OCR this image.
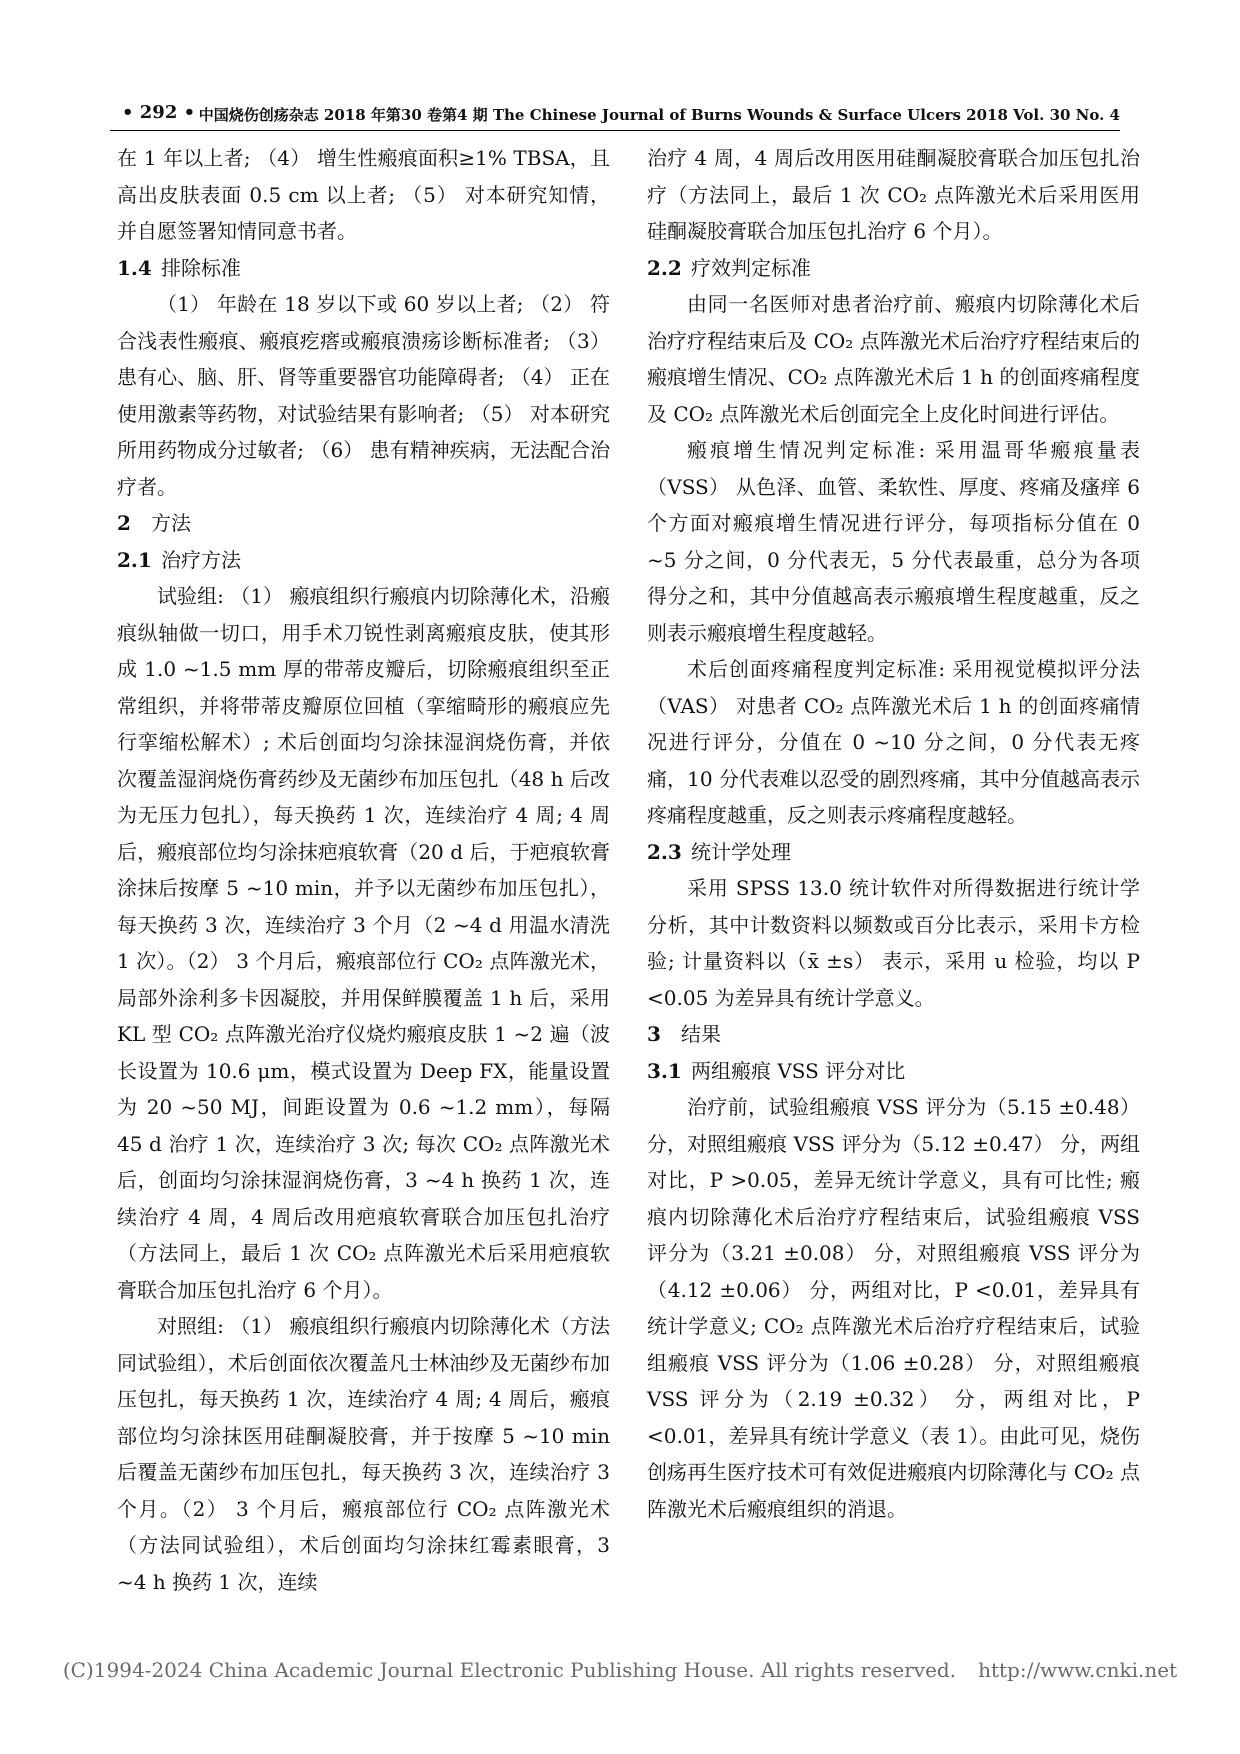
• 292 • 中国烧伤创疡杂志 2018 年第30 卷第4 期 The Chinese Journal of Burns Wounds & Surface Ulcers 2018 Vol. 30 No. 4

在 1 年以上者; （4） 增生性瘢痕面积≥1% TBSA，且高出皮肤表面 0.5 cm 以上者; （5） 对本研究知情，并自愿签署知情同意书者。

1.4 排除标准

（1） 年龄在 18 岁以下或 60 岁以上者; （2） 符合浅表性瘢痕、瘢痕疙瘩或瘢痕溃疡诊断标准者; （3） 患有心、脑、肝、肾等重要器官功能障碍者; （4） 正在使用激素等药物，对试验结果有影响者; （5） 对本研究所用药物成分过敏者; （6） 患有精神疾病，无法配合治疗者。

2 方法
2.1 治疗方法

试验组: （1） 瘢痕组织行瘢痕内切除薄化术，沿瘢痕纵轴做一切口，用手术刀锐性剥离瘢痕皮肤，使其形成 1.0 ~1.5 mm 厚的带蒂皮瓣后，切除瘢痕组织至正常组织，并将带蒂皮瓣原位回植（挛缩畸形的瘢痕应先行挛缩松解术）; 术后创面均匀涂抹湿润烧伤膏，并依次覆盖湿润烧伤膏药纱及无菌纱布加压包扎（48 h 后改为无压力包扎），每天换药 1 次，连续治疗 4 周; 4 周后，瘢痕部位均匀涂抹疤痕软膏（20 d 后，于疤痕软膏涂抹后按摩 5 ~10 min，并予以无菌纱布加压包扎），每天换药 3 次，连续治疗 3 个月（2 ~4 d 用温水清洗 1 次）。（2） 3 个月后，瘢痕部位行 CO₂ 点阵激光术，局部外涂利多卡因凝胶，并用保鲜膜覆盖 1 h 后，采用 KL 型 CO₂ 点阵激光治疗仪烧灼瘢痕皮肤 1 ~2 遍（波长设置为 10.6 μm，模式设置为 Deep FX，能量设置为 20 ~50 MJ，间距设置为 0.6 ~1.2 mm），每隔 45 d 治疗 1 次，连续治疗 3 次; 每次 CO₂ 点阵激光术后，创面均匀涂抹湿润烧伤膏，3 ~4 h 换药 1 次，连续治疗 4 周，4 周后改用疤痕软膏联合加压包扎治疗（方法同上，最后 1 次 CO₂ 点阵激光术后采用疤痕软膏联合加压包扎治疗 6 个月）。

对照组: （1） 瘢痕组织行瘢痕内切除薄化术（方法同试验组），术后创面依次覆盖凡士林油纱及无菌纱布加压包扎，每天换药 1 次，连续治疗 4 周; 4 周后，瘢痕部位均匀涂抹医用硅酮凝胶膏，并于按摩 5 ~10 min 后覆盖无菌纱布加压包扎，每天换药 3 次，连续治疗 3 个月。（2） 3 个月后，瘢痕部位行 CO₂ 点阵激光术（方法同试验组），术后创面均匀涂抹红霉素眼膏，3 ~4 h 换药 1 次，连续

治疗 4 周，4 周后改用医用硅酮凝胶膏联合加压包扎治疗（方法同上，最后 1 次 CO₂ 点阵激光术后采用医用硅酮凝胶膏联合加压包扎治疗 6 个月）。

2.2 疗效判定标准

由同一名医师对患者治疗前、瘢痕内切除薄化术后治疗疗程结束后及 CO₂ 点阵激光术后治疗疗程结束后的瘢痕增生情况、CO₂ 点阵激光术后 1 h 的创面疼痛程度及 CO₂ 点阵激光术后创面完全上皮化时间进行评估。

瘢痕增生情况判定标准: 采用温哥华瘢痕量表（VSS） 从色泽、血管、柔软性、厚度、疼痛及瘙痒 6 个方面对瘢痕增生情况进行评分，每项指标分值在 0 ~5 分之间，0 分代表无，5 分代表最重，总分为各项得分之和，其中分值越高表示瘢痕增生程度越重，反之则表示瘢痕增生程度越轻。

术后创面疼痛程度判定标准: 采用视觉模拟评分法（VAS） 对患者 CO₂ 点阵激光术后 1 h 的创面疼痛情况进行评分，分值在 0 ~10 分之间，0 分代表无疼痛，10 分代表难以忍受的剧烈疼痛，其中分值越高表示疼痛程度越重，反之则表示疼痛程度越轻。

2.3 统计学处理

采用 SPSS 13.0 统计软件对所得数据进行统计学分析，其中计数资料以频数或百分比表示，采用卡方检验; 计量资料以（x̄ ±s） 表示，采用 u 检验，均以 P <0.05 为差异具有统计学意义。

3 结果
3.1 两组瘢痕 VSS 评分对比

治疗前，试验组瘢痕 VSS 评分为（5.15 ±0.48） 分，对照组瘢痕 VSS 评分为（5.12 ±0.47） 分，两组对比，P >0.05，差异无统计学意义，具有可比性; 瘢痕内切除薄化术后治疗疗程结束后，试验组瘢痕 VSS 评分为（3.21 ±0.08） 分，对照组瘢痕 VSS 评分为（4.12 ±0.06） 分，两组对比，P <0.01，差异具有统计学意义; CO₂ 点阵激光术后治疗疗程结束后，试验组瘢痕 VSS 评分为（1.06 ±0.28） 分，对照组瘢痕 VSS 评分为（2.19 ±0.32） 分，两组对比，P <0.01，差异具有统计学意义（表 1）。由此可见，烧伤创疡再生医疗技术可有效促进瘢痕内切除薄化与 CO₂ 点阵激光术后瘢痕组织的消退。

(C)1994-2024 China Academic Journal Electronic Publishing House. All rights reserved. http://www.cnki.net
